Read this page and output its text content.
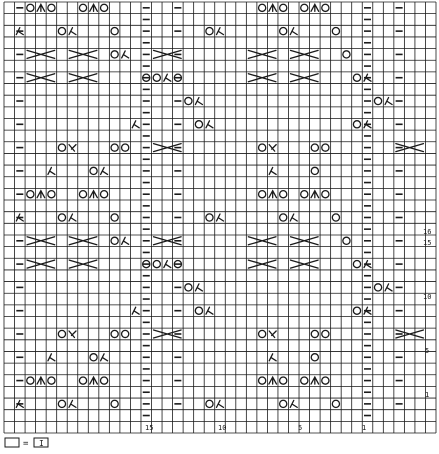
15	10	5	1
16
15
10
5
1
= I
